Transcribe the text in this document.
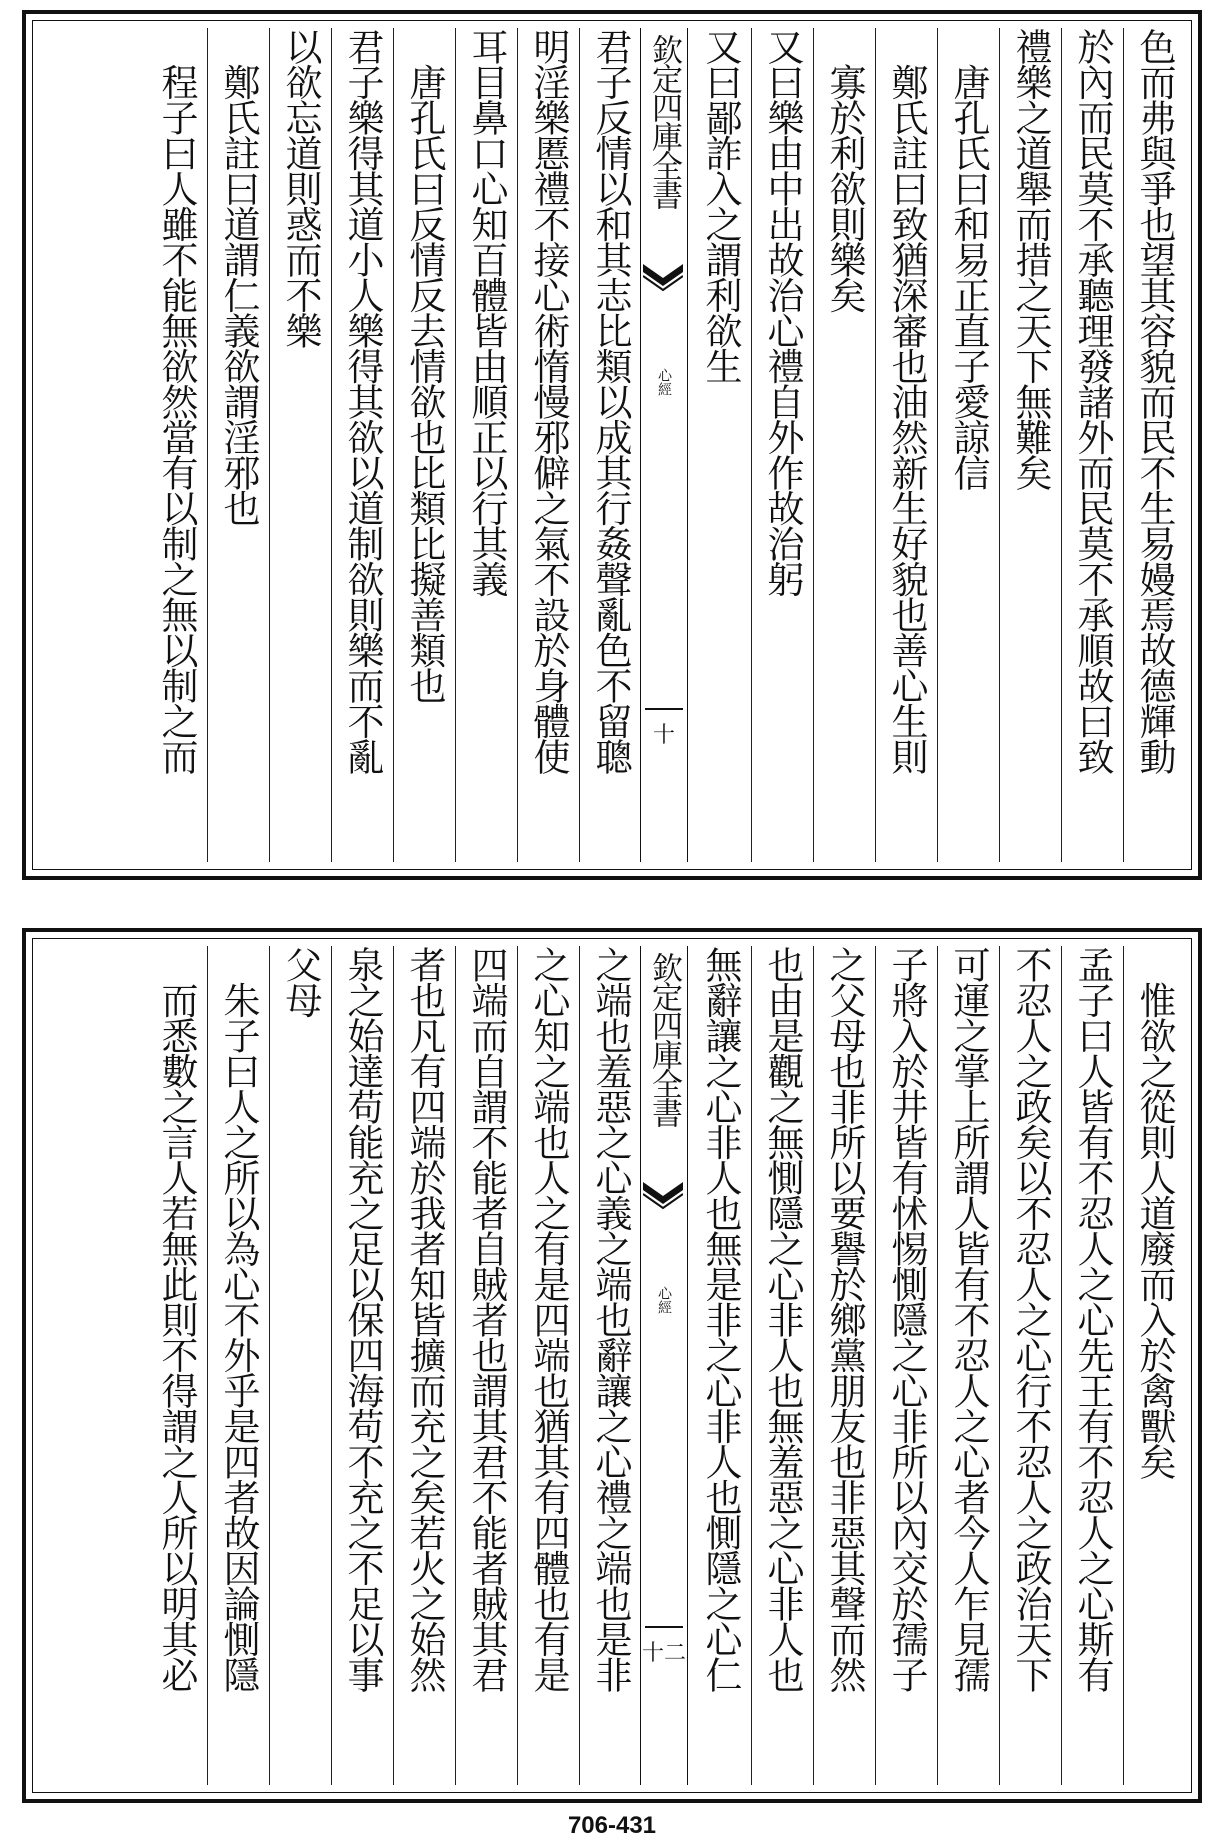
色而弗與爭也望其容貌而民不生易嫚焉故德輝動
於內而民莫不承聽理發諸外而民莫不承順故曰致
禮樂之道舉而措之天下無難矣
　唐孔氏曰和易正直子愛諒信
　鄭氏註曰致猶深審也油然新生好貌也善心生則
　寡於利欲則樂矣
又曰樂由中出故治心禮自外作故治躬
又曰鄙詐入之謂利欲生
欽定四庫全書
心經
十
君子反情以和其志比類以成其行姦聲亂色不留聰
明淫樂慝禮不接心術惰慢邪僻之氣不設於身體使
耳目鼻口心知百體皆由順正以行其義
　唐孔氏曰反情反去情欲也比類比擬善類也
君子樂得其道小人樂得其欲以道制欲則樂而不亂
以欲忘道則惑而不樂
　鄭氏註曰道謂仁義欲謂淫邪也
　程子曰人雖不能無欲然當有以制之無以制之而
　惟欲之從則人道廢而入於禽獸矣
孟子曰人皆有不忍人之心先王有不忍人之心斯有
不忍人之政矣以不忍人之心行不忍人之政治天下
可運之掌上所謂人皆有不忍人之心者今人乍見孺
子將入於井皆有怵惕惻隱之心非所以內交於孺子
之父母也非所以要譽於鄉黨朋友也非惡其聲而然
也由是觀之無惻隱之心非人也無羞惡之心非人也
無辭讓之心非人也無是非之心非人也惻隱之心仁
欽定四庫全書
心經
十二
之端也羞惡之心義之端也辭讓之心禮之端也是非
之心知之端也人之有是四端也猶其有四體也有是
四端而自謂不能者自賊者也謂其君不能者賊其君
者也凡有四端於我者知皆擴而充之矣若火之始然
泉之始達苟能充之足以保四海苟不充之不足以事
父母
　朱子曰人之所以為心不外乎是四者故因論惻隱
　而悉數之言人若無此則不得謂之人所以明其必
706-431
